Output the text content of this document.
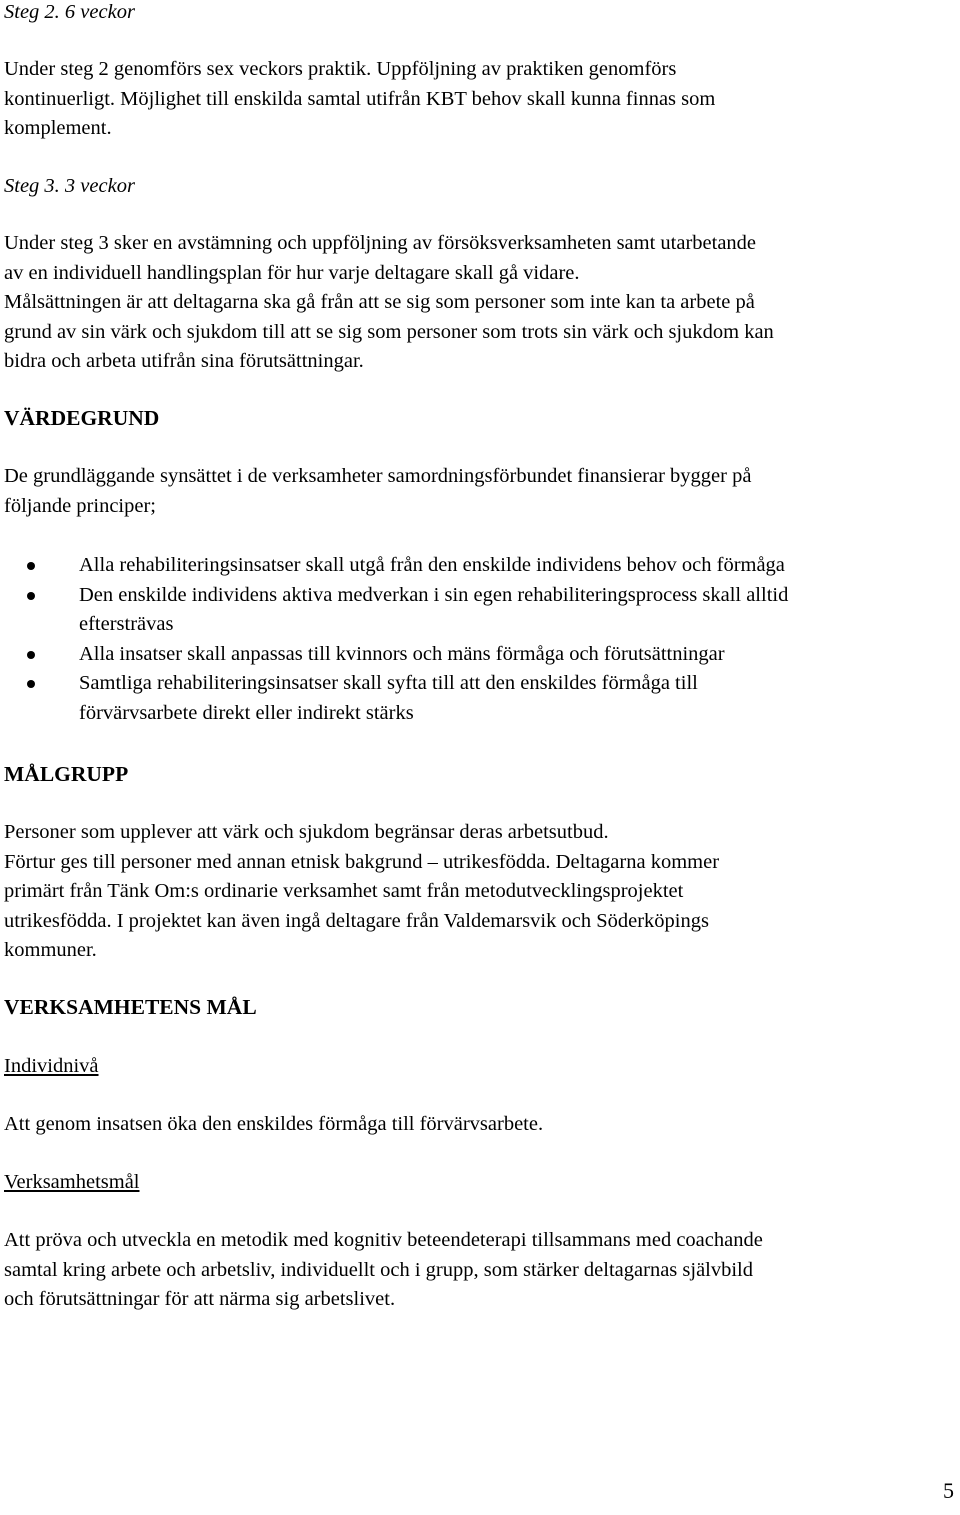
Steg 2. 6 veckor
Under steg 2 genomförs sex veckors praktik. Uppföljning av praktiken genomförs
kontinuerligt. Möjlighet till enskilda samtal utifrån KBT behov skall kunna finnas som
komplement.
Steg 3. 3 veckor
Under steg 3 sker en avstämning och uppföljning av försöksverksamheten samt utarbetande
av en individuell handlingsplan för hur varje deltagare skall gå vidare.
Målsättningen är att deltagarna ska gå från att se sig som personer som inte kan ta arbete på
grund av sin värk och sjukdom till att se sig som personer som trots sin värk och sjukdom kan
bidra och arbeta utifrån sina förutsättningar.
VÄRDEGRUND
De grundläggande synsättet i de verksamheter samordningsförbundet finansierar bygger på
följande principer;
Alla rehabiliteringsinsatser skall utgå från den enskilde individens behov och förmåga
Den enskilde individens aktiva medverkan i sin egen rehabiliteringsprocess skall alltid
eftersträvas
Alla insatser skall anpassas till kvinnors och mäns förmåga och förutsättningar
Samtliga rehabiliteringsinsatser skall syfta till att den enskildes förmåga till
förvärvsarbete direkt eller indirekt stärks
MÅLGRUPP
Personer som upplever att värk och sjukdom begränsar deras arbetsutbud.
Förtur ges till personer med annan etnisk bakgrund – utrikesfödda. Deltagarna kommer
primärt från Tänk Om:s ordinarie verksamhet samt från metodutvecklingsprojektet
utrikesfödda. I projektet kan även ingå deltagare från Valdemarsvik och Söderköpings
kommuner.
VERKSAMHETENS MÅL
Individnivå
Att genom insatsen öka den enskildes förmåga till förvärvsarbete.
Verksamhetsmål
Att pröva och utveckla en metodik med kognitiv beteendeterapi tillsammans med coachande
samtal kring arbete och arbetsliv, individuellt och i grupp, som stärker deltagarnas självbild
och förutsättningar för att närma sig arbetslivet.
5
